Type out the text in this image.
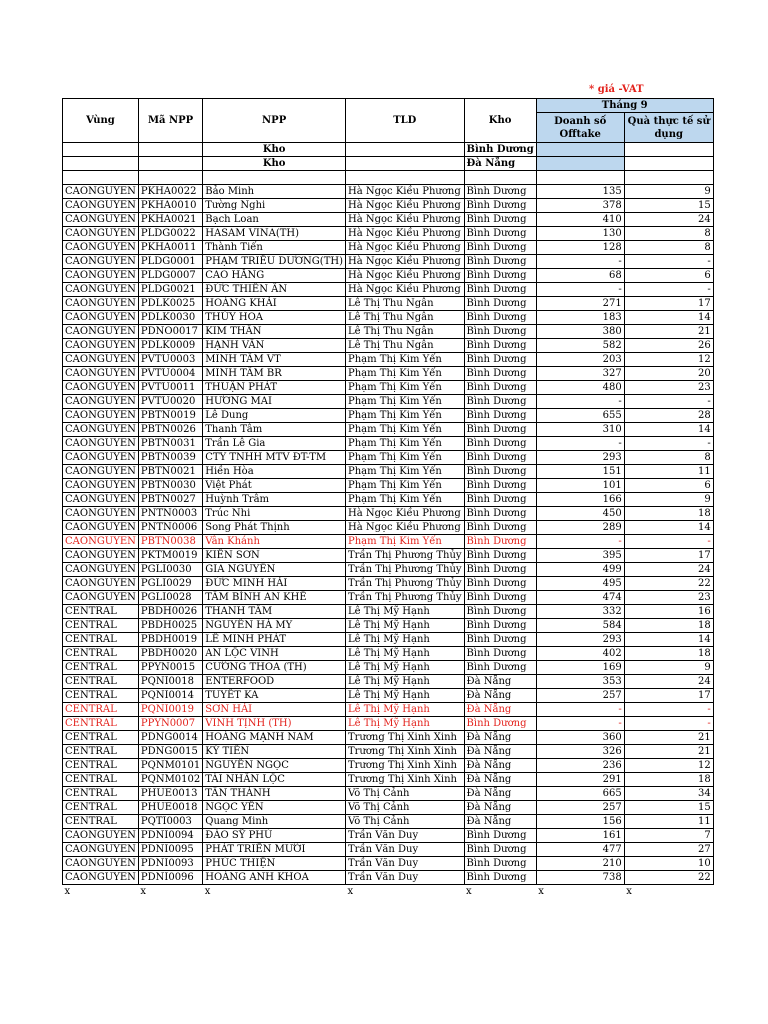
* giá -VAT
Vùng	Mã NPP	NPP	TLD	Kho	Tháng 9	
					Doanh số Offtake	Quà thực tế sử dụng
		Kho		Bình Dương		
		Kho		Đà Nẵng		

CAONGUYEN	PKHA0022	Bảo Minh	Hà Ngọc Kiều Phương	Bình Dương	135	9
CAONGUYEN	PKHA0010	Tường Nghi	Hà Ngọc Kiều Phương	Bình Dương	378	15
CAONGUYEN	PKHA0021	Bạch Loan	Hà Ngọc Kiều Phương	Bình Dương	410	24
CAONGUYEN	PLDG0022	HASAM VINA(TH)	Hà Ngọc Kiều Phương	Bình Dương	130	8
CAONGUYEN	PKHA0011	Thành Tiến	Hà Ngọc Kiều Phương	Bình Dương	128	8
CAONGUYEN	PLDG0001	PHẠM TRIỀU DƯƠNG(TH)	Hà Ngọc Kiều Phương	Bình Dương	-	-
CAONGUYEN	PLDG0007	CAO HẰNG	Hà Ngọc Kiều Phương	Bình Dương	68	6
CAONGUYEN	PLDG0021	ĐỨC THIÊN ÂN	Hà Ngọc Kiều Phương	Bình Dương	-	-
CAONGUYEN	PDLK0025	HOÀNG KHẢI	Lê Thị Thu Ngân	Bình Dương	271	17
CAONGUYEN	PDLK0030	THỦY HOA	Lê Thị Thu Ngân	Bình Dương	183	14
CAONGUYEN	PDNO0017	KIM THÂN	Lê Thị Thu Ngân	Bình Dương	380	21
CAONGUYEN	PDLK0009	HẠNH VÂN	Lê Thị Thu Ngân	Bình Dương	582	26
CAONGUYEN	PVTU0003	MINH TÂM VT	Phạm Thị Kim Yến	Bình Dương	203	12
CAONGUYEN	PVTU0004	MINH TÂM BR	Phạm Thị Kim Yến	Bình Dương	327	20
CAONGUYEN	PVTU0011	THUẬN PHÁT	Phạm Thị Kim Yến	Bình Dương	480	23
CAONGUYEN	PVTU0020	HƯƠNG MAI	Phạm Thị Kim Yến	Bình Dương	-	-
CAONGUYEN	PBTN0019	Lê Dung	Phạm Thị Kim Yến	Bình Dương	655	28
CAONGUYEN	PBTN0026	Thanh Tâm	Phạm Thị Kim Yến	Bình Dương	310	14
CAONGUYEN	PBTN0031	Trần Lê Gia	Phạm Thị Kim Yến	Bình Dương	-	-
CAONGUYEN	PBTN0039	CTY TNHH MTV ĐT-TM	Phạm Thị Kim Yến	Bình Dương	293	8
CAONGUYEN	PBTN0021	Hiền Hòa	Phạm Thị Kim Yến	Bình Dương	151	11
CAONGUYEN	PBTN0030	Việt Phát	Phạm Thị Kim Yến	Bình Dương	101	6
CAONGUYEN	PBTN0027	Huỳnh Trâm	Phạm Thị Kim Yến	Bình Dương	166	9
CAONGUYEN	PNTN0003	Trúc Nhi	Hà Ngọc Kiều Phương	Bình Dương	450	18
CAONGUYEN	PNTN0006	Song Phát Thịnh	Hà Ngọc Kiều Phương	Bình Dương	289	14
CAONGUYEN	PBTN0038	Vân Khánh	Phạm Thị Kim Yến	Bình Dương	-	-
CAONGUYEN	PKTM0019	KIẾN SƠN	Trần Thị Phương Thủy	Bình Dương	395	17
CAONGUYEN	PGLI0030	GIA NGUYỄN	Trần Thị Phương Thủy	Bình Dương	499	24
CAONGUYEN	PGLI0029	ĐỨC MINH HẢI	Trần Thị Phương Thủy	Bình Dương	495	22
CAONGUYEN	PGLI0028	TÂM BÌNH AN KHÊ	Trần Thị Phương Thủy	Bình Dương	474	23
CENTRAL	PBDH0026	THANH TÂM	Lê Thị Mỹ Hạnh	Bình Dương	332	16
CENTRAL	PBDH0025	NGUYỄN HÀ MY	Lê Thị Mỹ Hạnh	Bình Dương	584	18
CENTRAL	PBDH0019	LÊ MINH PHÁT	Lê Thị Mỹ Hạnh	Bình Dương	293	14
CENTRAL	PBDH0020	AN LỘC VINH	Lê Thị Mỹ Hạnh	Bình Dương	402	18
CENTRAL	PPYN0015	CƯỜNG THOA (TH)	Lê Thị Mỹ Hạnh	Bình Dương	169	9
CENTRAL	PQNI0018	ENTERFOOD	Lê Thị Mỹ Hạnh	Đà Nẵng	353	24
CENTRAL	PQNI0014	TUYẾT KA	Lê Thị Mỹ Hạnh	Đà Nẵng	257	17
CENTRAL	PQNI0019	SƠN HẢI	Lê Thị Mỹ Hạnh	Đà Nẵng	-	-
CENTRAL	PPYN0007	VINH TỊNH (TH)	Lê Thị Mỹ Hạnh	Bình Dương	-	-
CENTRAL	PDNG0014	HOÀNG MẠNH NAM	Trương Thị Xinh Xinh	Đà Nẵng	360	21
CENTRAL	PDNG0015	KỲ TIẾN	Trương Thị Xinh Xinh	Đà Nẵng	326	21
CENTRAL	PQNM0101	NGUYÊN NGỌC	Trương Thị Xinh Xinh	Đà Nẵng	236	12
CENTRAL	PQNM0102	TÀI NHÂN LỘC	Trương Thị Xinh Xinh	Đà Nẵng	291	18
CENTRAL	PHUE0013	TÂN THÀNH	Võ Thị Cảnh	Đà Nẵng	665	34
CENTRAL	PHUE0018	NGỌC YẾN	Võ Thị Cảnh	Đà Nẵng	257	15
CENTRAL	PQTI0003	Quang Minh	Võ Thị Cảnh	Đà Nẵng	156	11
CAONGUYEN	PDNI0094	ĐÀO SỸ PHÚ	Trần Văn Duy	Bình Dương	161	7
CAONGUYEN	PDNI0095	PHÁT TRIỂN MƯỜI	Trần Văn Duy	Bình Dương	477	27
CAONGUYEN	PDNI0093	PHÚC THIỆN	Trần Văn Duy	Bình Dương	210	10
CAONGUYEN	PDNI0096	HOÀNG ANH KHOA	Trần Văn Duy	Bình Dương	738	22
x	x	x	x	x	x	x
